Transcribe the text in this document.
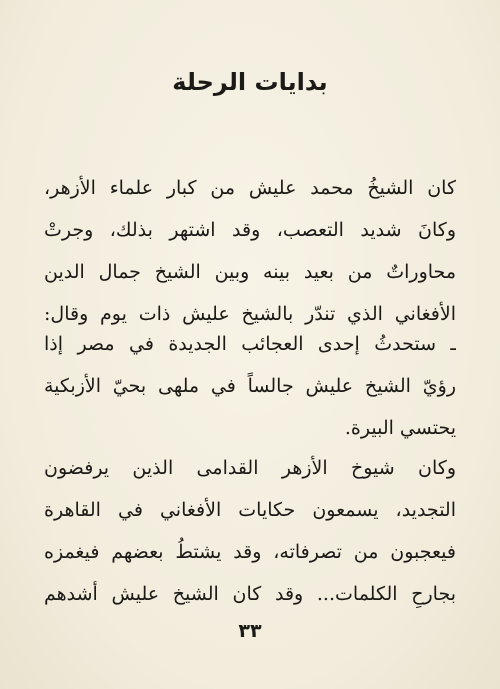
بدايات الرحلة
كان الشيخُ محمد عليش من كبار علماء الأزهر،
وكانَ شديد التعصب، وقد اشتهر بذلك، وجرتْ
محاوراتٌ من بعيد بينه وبين الشيخ جمال الدين
الأفغاني الذي تندّر بالشيخ عليش ذات يوم وقال:
ـ ستحدثُ إحدى العجائب الجديدة في مصر إذا
رؤيّ الشيخ عليش جالساً في ملهى بحيّ الأزبكية
يحتسي البيرة.
وكان شيوخ الأزهر القدامى الذين يرفضون
التجديد، يسمعون حكايات الأفغاني في القاهرة
فيعجبون من تصرفاته، وقد يشتطُ بعضهم فيغمزه
بجارحِ الكلمات... وقد كان الشيخ عليش أشدهم
٣٣
